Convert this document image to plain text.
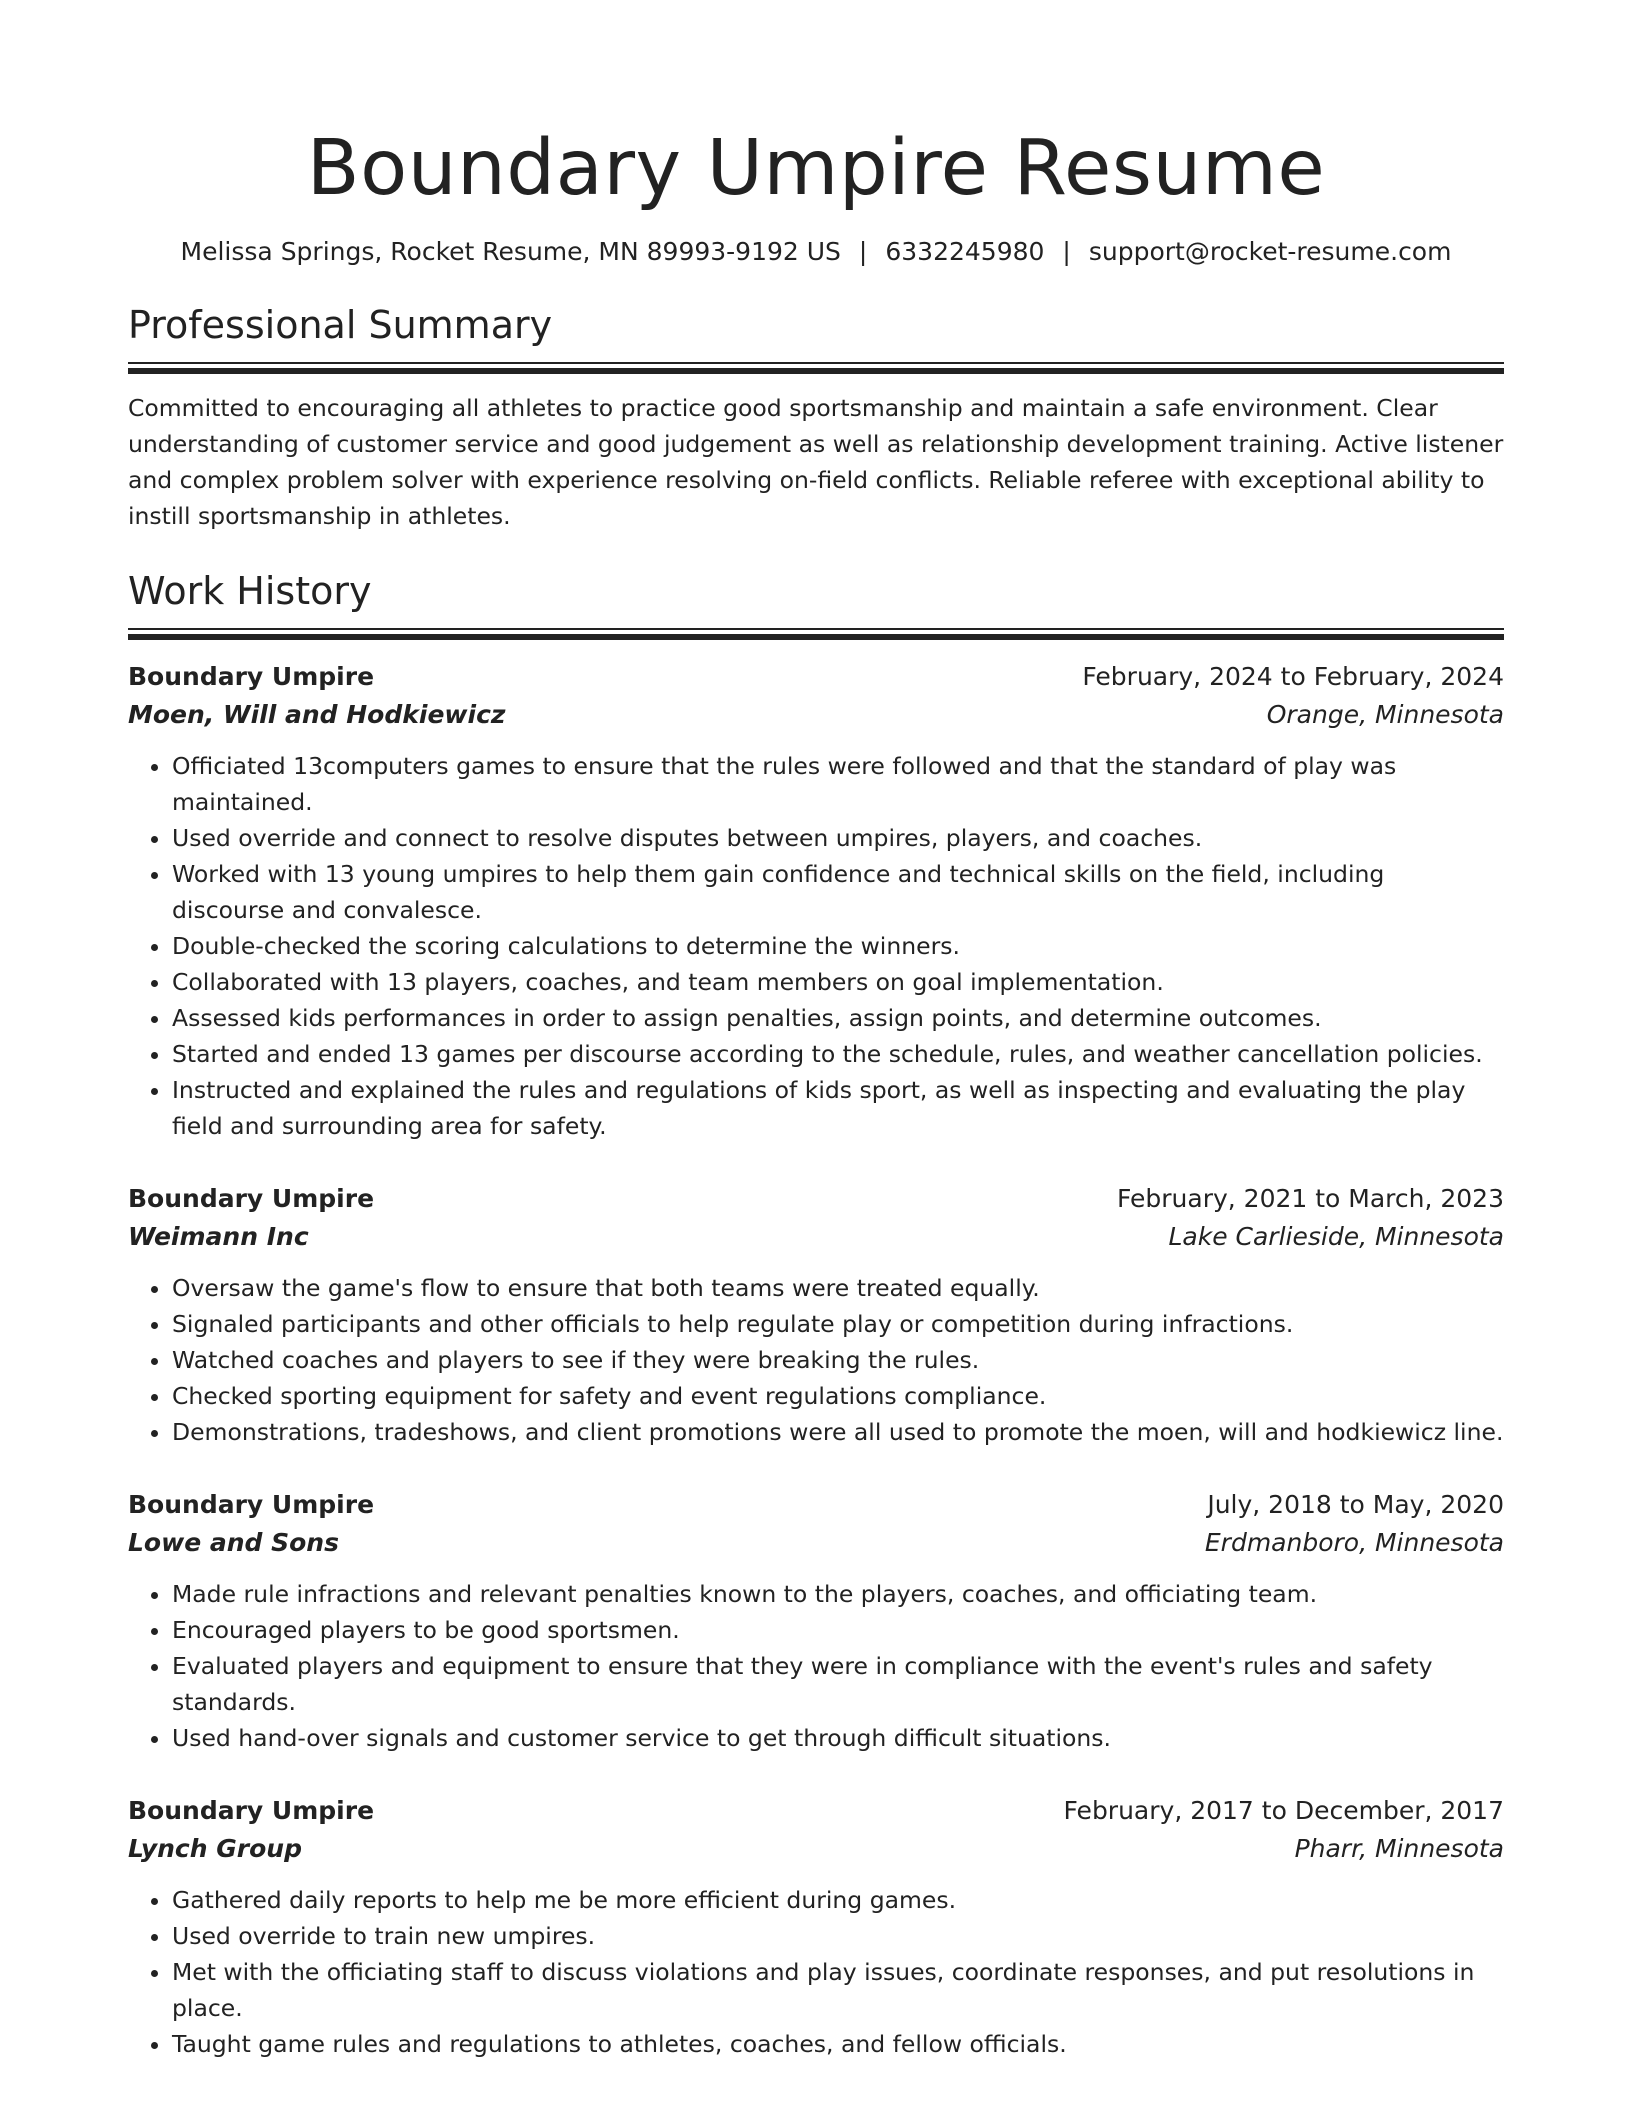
Boundary Umpire Resume
Melissa Springs, Rocket Resume, MN 89993-9192 US | 6332245980 | support@rocket-resume.com
Professional Summary
Committed to encouraging all athletes to practice good sportsmanship and maintain a safe environment. Clear understanding of customer service and good judgement as well as relationship development training. Active listener and complex problem solver with experience resolving on-field conflicts. Reliable referee with exceptional ability to instill sportsmanship in athletes.
Work History
Boundary Umpire	February, 2024 to February, 2024
Moen, Will and Hodkiewicz	Orange, Minnesota
• Officiated 13computers games to ensure that the rules were followed and that the standard of play was maintained.
• Used override and connect to resolve disputes between umpires, players, and coaches.
• Worked with 13 young umpires to help them gain confidence and technical skills on the field, including discourse and convalesce.
• Double-checked the scoring calculations to determine the winners.
• Collaborated with 13 players, coaches, and team members on goal implementation.
• Assessed kids performances in order to assign penalties, assign points, and determine outcomes.
• Started and ended 13 games per discourse according to the schedule, rules, and weather cancellation policies.
• Instructed and explained the rules and regulations of kids sport, as well as inspecting and evaluating the play field and surrounding area for safety.
Boundary Umpire	February, 2021 to March, 2023
Weimann Inc	Lake Carlieside, Minnesota
• Oversaw the game's flow to ensure that both teams were treated equally.
• Signaled participants and other officials to help regulate play or competition during infractions.
• Watched coaches and players to see if they were breaking the rules.
• Checked sporting equipment for safety and event regulations compliance.
• Demonstrations, tradeshows, and client promotions were all used to promote the moen, will and hodkiewicz line.
Boundary Umpire	July, 2018 to May, 2020
Lowe and Sons	Erdmanboro, Minnesota
• Made rule infractions and relevant penalties known to the players, coaches, and officiating team.
• Encouraged players to be good sportsmen.
• Evaluated players and equipment to ensure that they were in compliance with the event's rules and safety standards.
• Used hand-over signals and customer service to get through difficult situations.
Boundary Umpire	February, 2017 to December, 2017
Lynch Group	Pharr, Minnesota
• Gathered daily reports to help me be more efficient during games.
• Used override to train new umpires.
• Met with the officiating staff to discuss violations and play issues, coordinate responses, and put resolutions in place.
• Taught game rules and regulations to athletes, coaches, and fellow officials.
